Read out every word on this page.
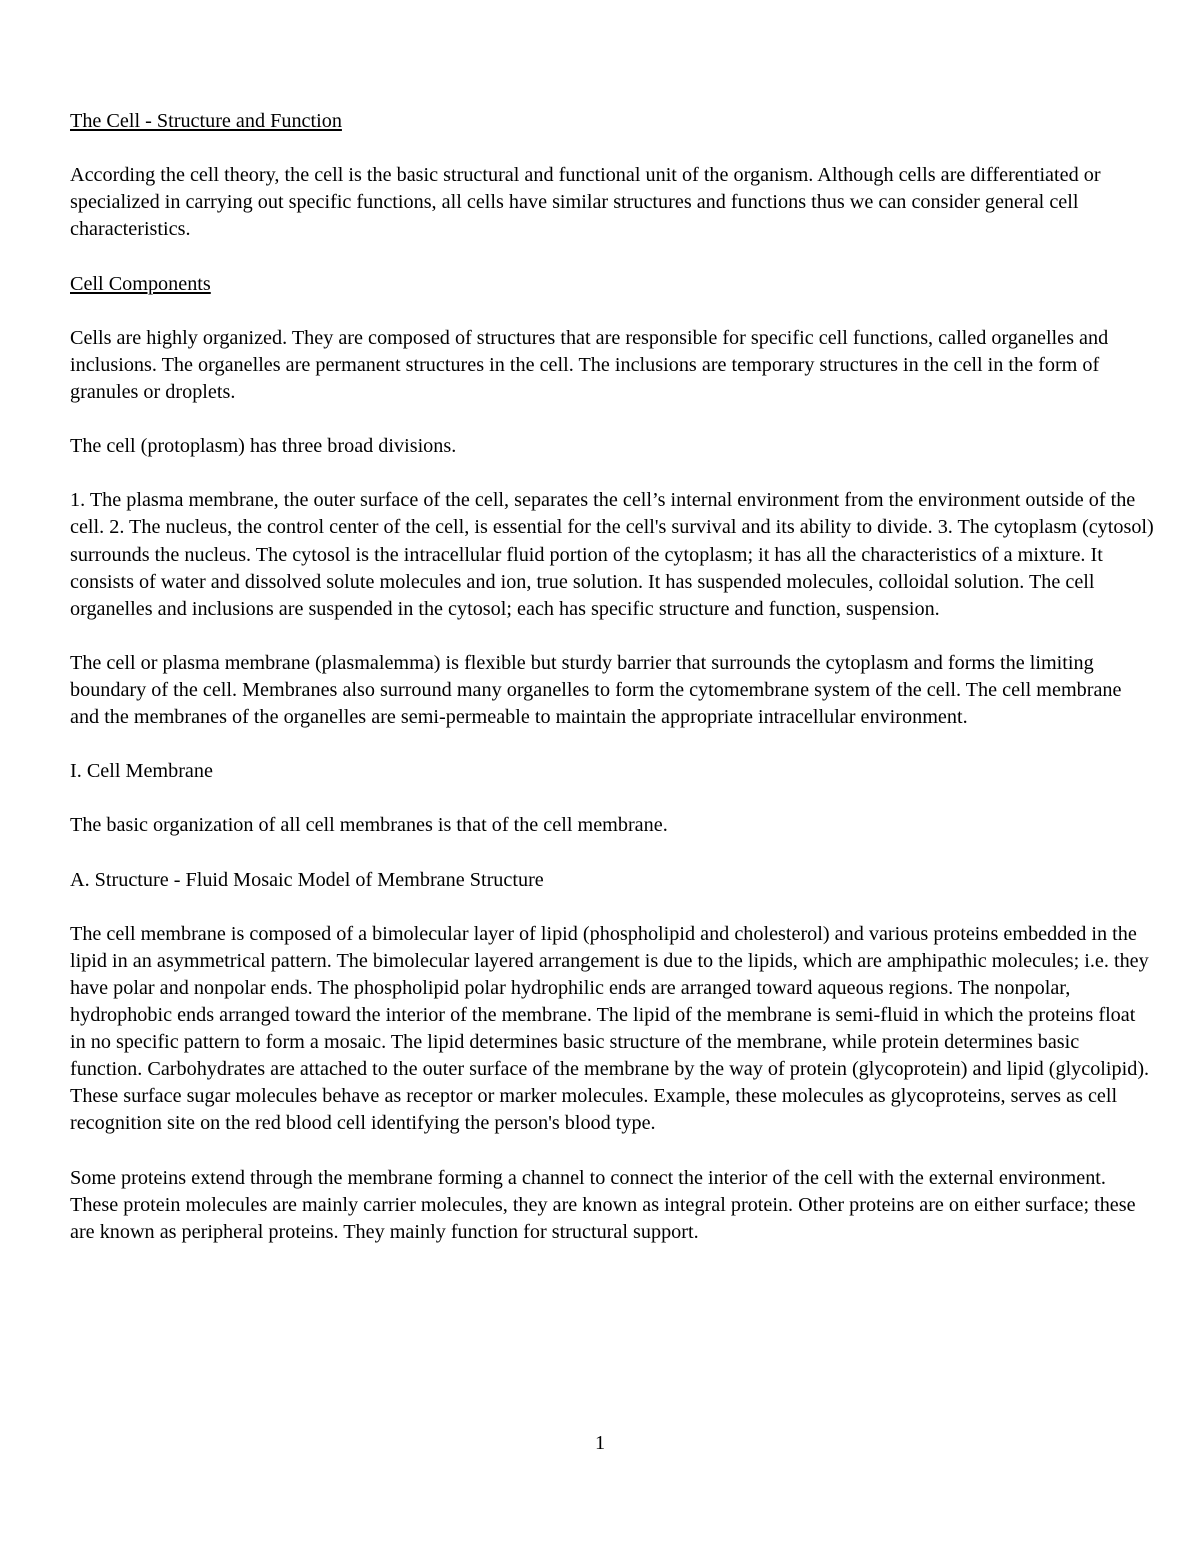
The Cell - Structure and Function

According the cell theory, the cell is the basic structural and functional unit of the organism. Although cells are differentiated or specialized in carrying out specific functions, all cells have similar structures and functions thus we can consider general cell characteristics.

Cell Components

Cells are highly organized. They are composed of structures that are responsible for specific cell functions, called organelles and inclusions. The organelles are permanent structures in the cell. The inclusions are temporary structures in the cell in the form of granules or droplets.

The cell (protoplasm) has three broad divisions.

1. The plasma membrane, the outer surface of the cell, separates the cell’s internal environment from the environment outside of the cell. 2. The nucleus, the control center of the cell, is essential for the cell's survival and its ability to divide. 3. The cytoplasm (cytosol) surrounds the nucleus. The cytosol is the intracellular fluid portion of the cytoplasm; it has all the characteristics of a mixture. It consists of water and dissolved solute molecules and ion, true solution. It has suspended molecules, colloidal solution. The cell organelles and inclusions are suspended in the cytosol; each has specific structure and function, suspension.

The cell or plasma membrane (plasmalemma) is flexible but sturdy barrier that surrounds the cytoplasm and forms the limiting boundary of the cell. Membranes also surround many organelles to form the cytomembrane system of the cell. The cell membrane and the membranes of the organelles are semi-permeable to maintain the appropriate intracellular environment.

I. Cell Membrane

The basic organization of all cell membranes is that of the cell membrane.

A. Structure - Fluid Mosaic Model of Membrane Structure

The cell membrane is composed of a bimolecular layer of lipid (phospholipid and cholesterol) and various proteins embedded in the lipid in an asymmetrical pattern. The bimolecular layered arrangement is due to the lipids, which are amphipathic molecules; i.e. they have polar and nonpolar ends. The phospholipid polar hydrophilic ends are arranged toward aqueous regions. The nonpolar, hydrophobic ends arranged toward the interior of the membrane. The lipid of the membrane is semi-fluid in which the proteins float in no specific pattern to form a mosaic. The lipid determines basic structure of the membrane, while protein determines basic function. Carbohydrates are attached to the outer surface of the membrane by the way of protein (glycoprotein) and lipid (glycolipid). These surface sugar molecules behave as receptor or marker molecules. Example, these molecules as glycoproteins, serves as cell recognition site on the red blood cell identifying the person's blood type.

Some proteins extend through the membrane forming a channel to connect the interior of the cell with the external environment. These protein molecules are mainly carrier molecules, they are known as integral protein. Other proteins are on either surface; these are known as peripheral proteins. They mainly function for structural support.

1
